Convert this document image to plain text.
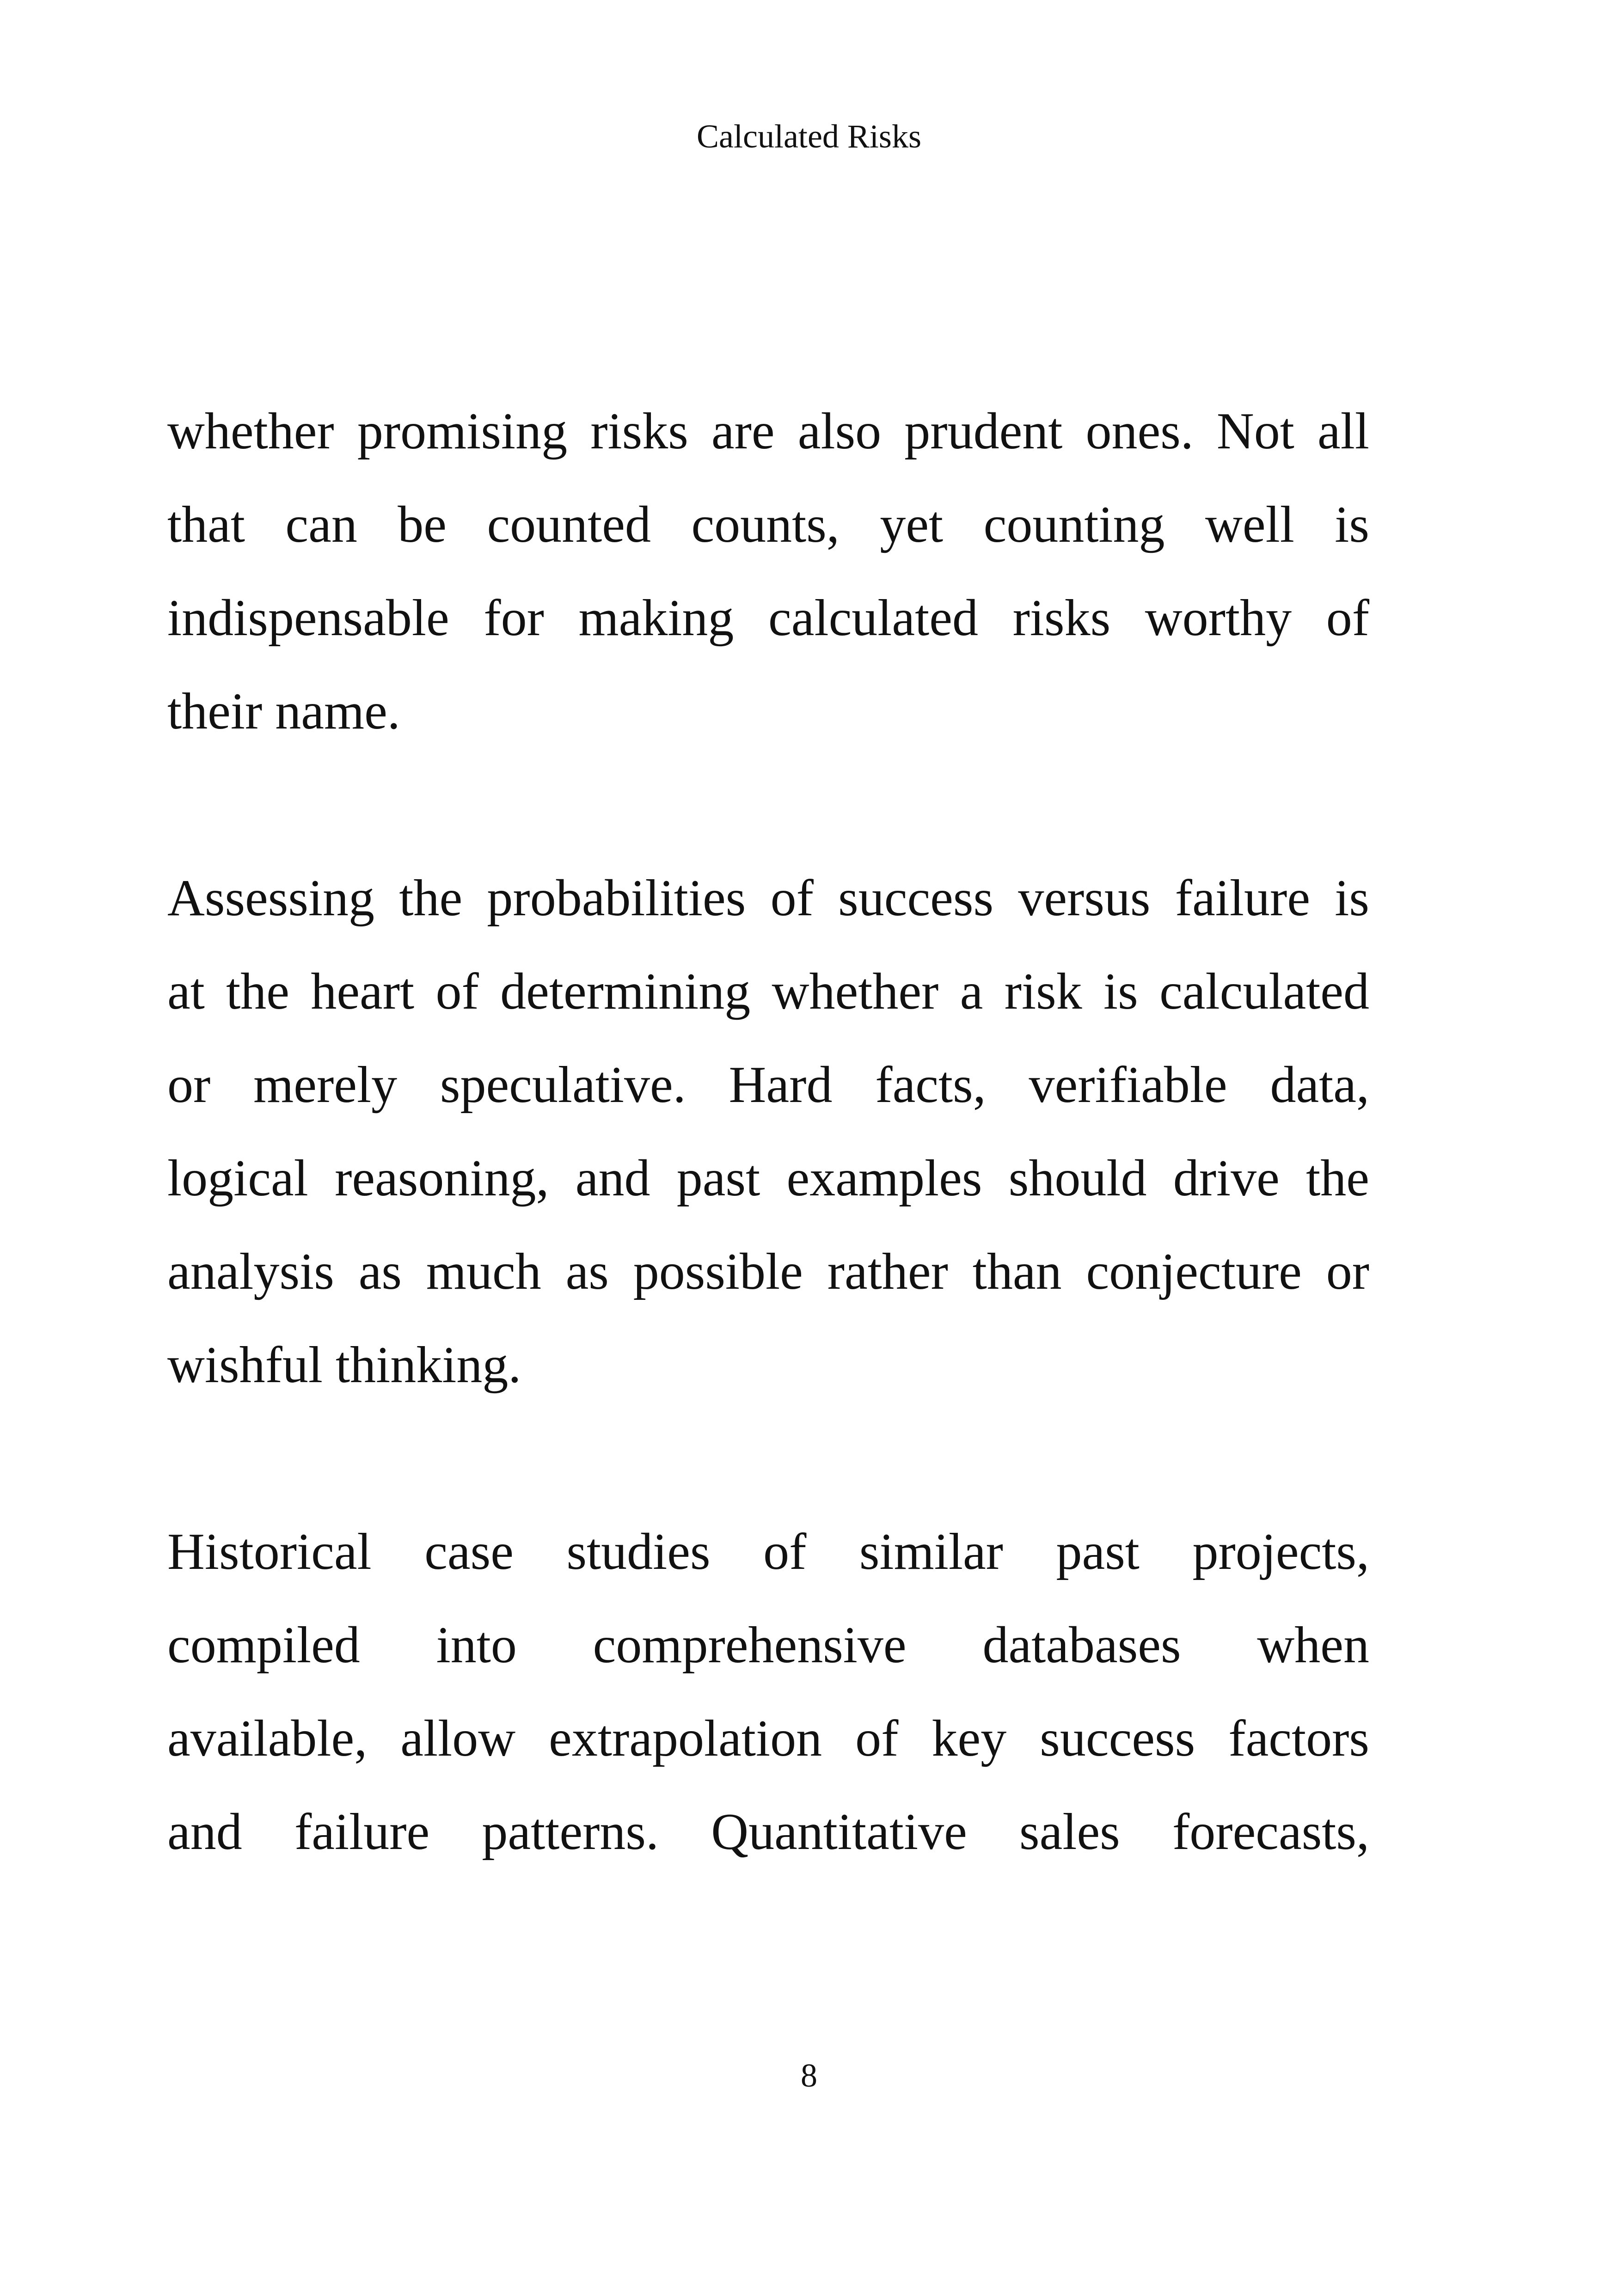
Calculated Risks
whether promising risks are also prudent ones. Not all
that can be counted counts, yet counting well is
indispensable for making calculated risks worthy of
their name.
Assessing the probabilities of success versus failure is
at the heart of determining whether a risk is calculated
or merely speculative. Hard facts, verifiable data,
logical reasoning, and past examples should drive the
analysis as much as possible rather than conjecture or
wishful thinking.
Historical case studies of similar past projects,
compiled into comprehensive databases when
available, allow extrapolation of key success factors
and failure patterns. Quantitative sales forecasts,
8
